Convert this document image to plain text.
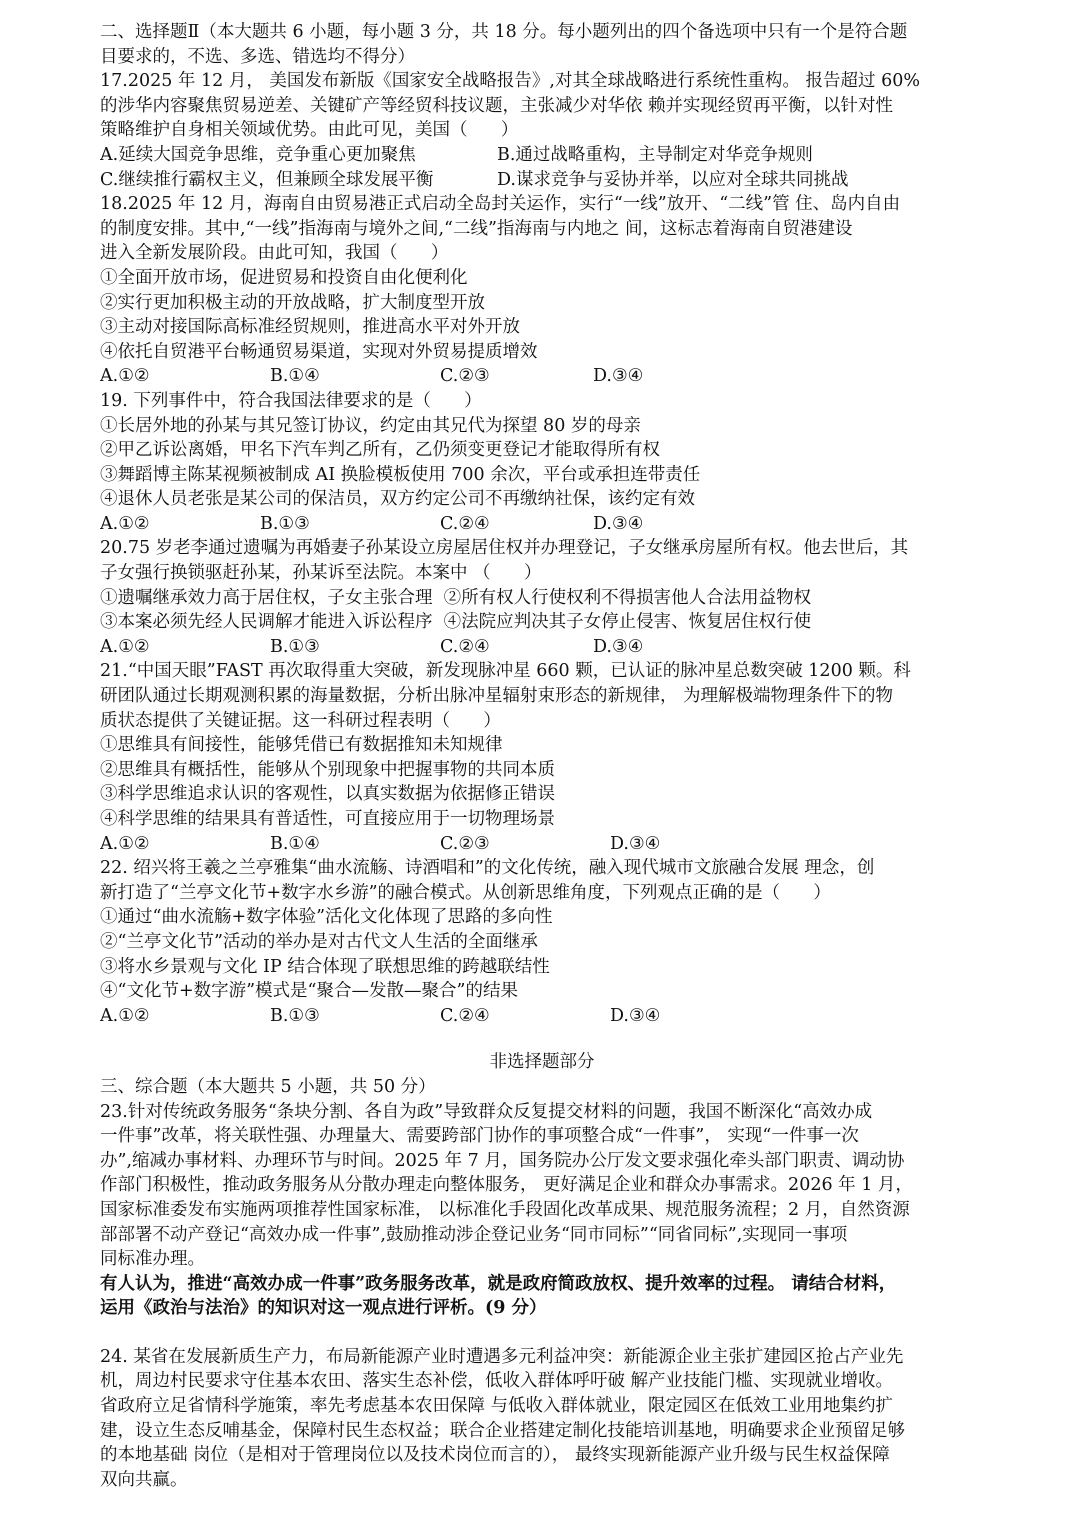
二、选择题Ⅱ（本大题共 6 小题，每小题 3 分，共 18 分。每小题列出的四个备选项中只有一个是符合题
目要求的，不选、多选、错选均不得分）
17.2025 年 12 月， 美国发布新版《国家安全战略报告》,对其全球战略进行系统性重构。 报告超过 60%
的涉华内容聚焦贸易逆差、关键矿产等经贸科技议题，主张减少对华依 赖并实现经贸再平衡，以针对性
策略维护自身相关领域优势。由此可见，美国（      ）
A.延续大国竞争思维，竞争重心更加聚焦	B.通过战略重构，主导制定对华竞争规则
C.继续推行霸权主义，但兼顾全球发展平衡	D.谋求竞争与妥协并举，以应对全球共同挑战
18.2025 年 12 月，海南自由贸易港正式启动全岛封关运作，实行“一线”放开、“二线”管 住、岛内自由
的制度安排。其中,“一线”指海南与境外之间,“二线”指海南与内地之 间，这标志着海南自贸港建设
进入全新发展阶段。由此可知，我国（      ）
①全面开放市场，促进贸易和投资自由化便利化
②实行更加积极主动的开放战略，扩大制度型开放
③主动对接国际高标准经贸规则，推进高水平对外开放
④依托自贸港平台畅通贸易渠道，实现对外贸易提质增效
A.①②	B.①④	C.②③	D.③④
19. 下列事件中，符合我国法律要求的是（      ）
①长居外地的孙某与其兄签订协议，约定由其兄代为探望 80 岁的母亲
②甲乙诉讼离婚，甲名下汽车判乙所有，乙仍须变更登记才能取得所有权
③舞蹈博主陈某视频被制成 AI 换脸模板使用 700 余次，平台或承担连带责任
④退休人员老张是某公司的保洁员，双方约定公司不再缴纳社保，该约定有效
A.①②	B.①③	C.②④	D.③④
20.75 岁老李通过遗嘱为再婚妻子孙某设立房屋居住权并办理登记，子女继承房屋所有权。他去世后，其
子女强行换锁驱赶孙某，孙某诉至法院。本案中 （      ）
①遗嘱继承效力高于居住权，子女主张合理  ②所有权人行使权利不得损害他人合法用益物权
③本案必须先经人民调解才能进入诉讼程序  ④法院应判决其子女停止侵害、恢复居住权行使
A.①②	B.①③	C.②④	D.③④
21.“中国天眼”FAST 再次取得重大突破，新发现脉冲星 660 颗，已认证的脉冲星总数突破 1200 颗。科
研团队通过长期观测积累的海量数据，分析出脉冲星辐射束形态的新规律， 为理解极端物理条件下的物
质状态提供了关键证据。这一科研过程表明（      ）
①思维具有间接性，能够凭借已有数据推知未知规律
②思维具有概括性，能够从个别现象中把握事物的共同本质
③科学思维追求认识的客观性，以真实数据为依据修正错误
④科学思维的结果具有普适性，可直接应用于一切物理场景
A.①②	B.①④	C.②③	D.③④
22. 绍兴将王羲之兰亭雅集“曲水流觞、诗酒唱和”的文化传统，融入现代城市文旅融合发展 理念，创
新打造了“兰亭文化节+数字水乡游”的融合模式。从创新思维角度，下列观点正确的是（      ）
①通过“曲水流觞+数字体验”活化文化体现了思路的多向性
②“兰亭文化节”活动的举办是对古代文人生活的全面继承
③将水乡景观与文化 IP 结合体现了联想思维的跨越联结性
④“文化节+数字游”模式是“聚合—发散—聚合”的结果
A.①②	B.①③	C.②④	D.③④
非选择题部分
三、综合题（本大题共 5 小题，共 50 分）
23.针对传统政务服务“条块分割、各自为政”导致群众反复提交材料的问题，我国不断深化“高效办成
一件事”改革，将关联性强、办理量大、需要跨部门协作的事项整合成“一件事”， 实现“一件事一次
办”,缩减办事材料、办理环节与时间。2025 年 7 月，国务院办公厅发文要求强化牵头部门职责、调动协
作部门积极性，推动政务服务从分散办理走向整体服务， 更好满足企业和群众办事需求。2026 年 1 月，
国家标准委发布实施两项推荐性国家标准， 以标准化手段固化改革成果、规范服务流程；2 月，自然资源
部部署不动产登记“高效办成一件事”,鼓励推动涉企登记业务“同市同标”“同省同标”,实现同一事项
同标准办理。
有人认为，推进“高效办成一件事”政务服务改革，就是政府简政放权、提升效率的过程。 请结合材料，
运用《政治与法治》的知识对这一观点进行评析。(9 分）
24. 某省在发展新质生产力，布局新能源产业时遭遇多元利益冲突：新能源企业主张扩建园区抢占产业先
机，周边村民要求守住基本农田、落实生态补偿，低收入群体呼吁破 解产业技能门槛、实现就业增收。
省政府立足省情科学施策，率先考虑基本农田保障 与低收入群体就业，限定园区在低效工业用地集约扩
建，设立生态反哺基金，保障村民生态权益；联合企业搭建定制化技能培训基地，明确要求企业预留足够
的本地基础 岗位（是相对于管理岗位以及技术岗位而言的）， 最终实现新能源产业升级与民生权益保障
双向共赢。
